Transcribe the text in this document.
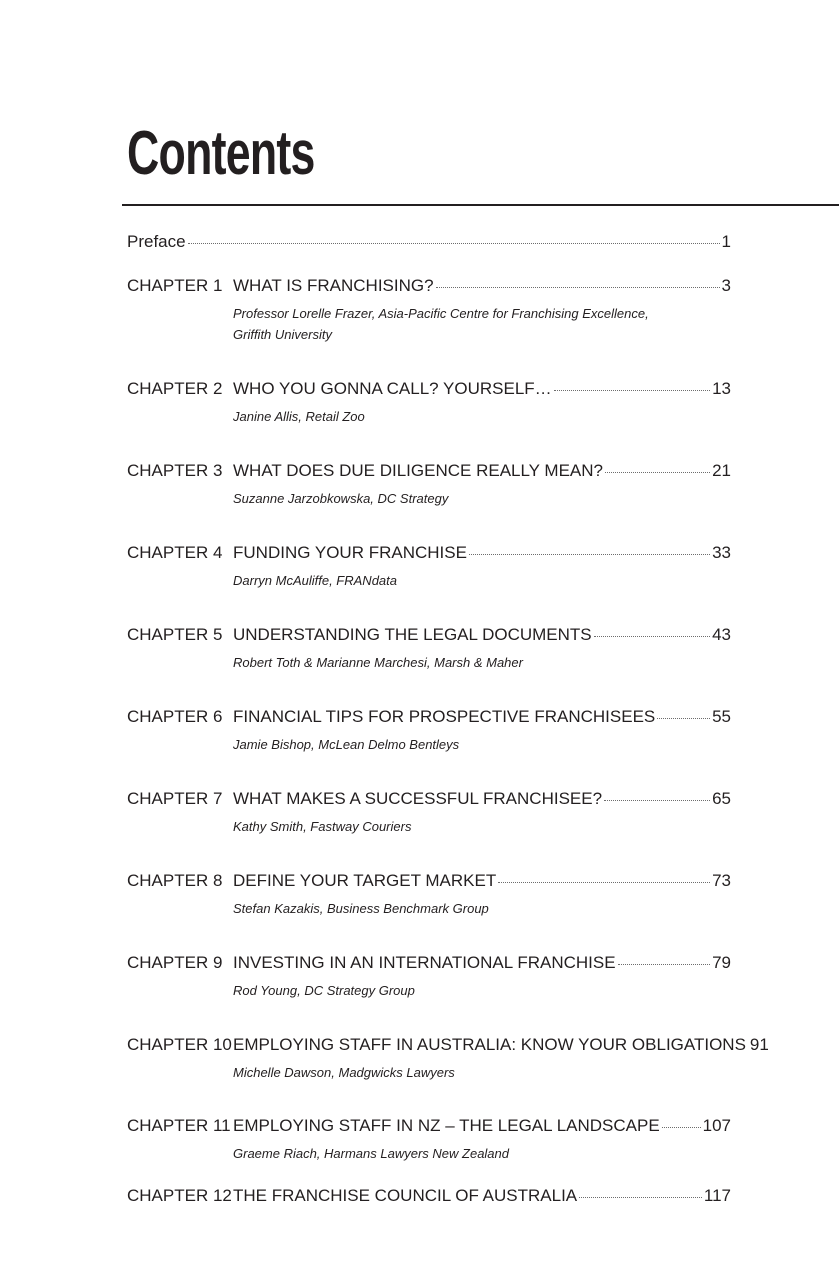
Contents
Preface	1
CHAPTER 1 WHAT IS FRANCHISING?	3
Professor Lorelle Frazer, Asia-Pacific Centre for Franchising Excellence, Griffith University
CHAPTER 2 WHO YOU GONNA CALL? YOURSELF…	13
Janine Allis, Retail Zoo
CHAPTER 3 WHAT DOES DUE DILIGENCE REALLY MEAN?	21
Suzanne Jarzobkowska, DC Strategy
CHAPTER 4 FUNDING YOUR FRANCHISE	33
Darryn McAuliffe, FRANdata
CHAPTER 5 UNDERSTANDING THE LEGAL DOCUMENTS	43
Robert Toth & Marianne Marchesi, Marsh & Maher
CHAPTER 6 FINANCIAL TIPS FOR PROSPECTIVE FRANCHISEES	55
Jamie Bishop, McLean Delmo Bentleys
CHAPTER 7 WHAT MAKES A SUCCESSFUL FRANCHISEE?	65
Kathy Smith, Fastway Couriers
CHAPTER 8 DEFINE YOUR TARGET MARKET	73
Stefan Kazakis, Business Benchmark Group
CHAPTER 9 INVESTING IN AN INTERNATIONAL FRANCHISE	79
Rod Young, DC Strategy Group
CHAPTER 10 EMPLOYING STAFF IN AUSTRALIA: KNOW YOUR OBLIGATIONS 91
Michelle Dawson, Madgwicks Lawyers
CHAPTER 11 EMPLOYING STAFF IN NZ – THE LEGAL LANDSCAPE	107
Graeme Riach, Harmans Lawyers New Zealand
CHAPTER 12 THE FRANCHISE COUNCIL OF AUSTRALIA	117
